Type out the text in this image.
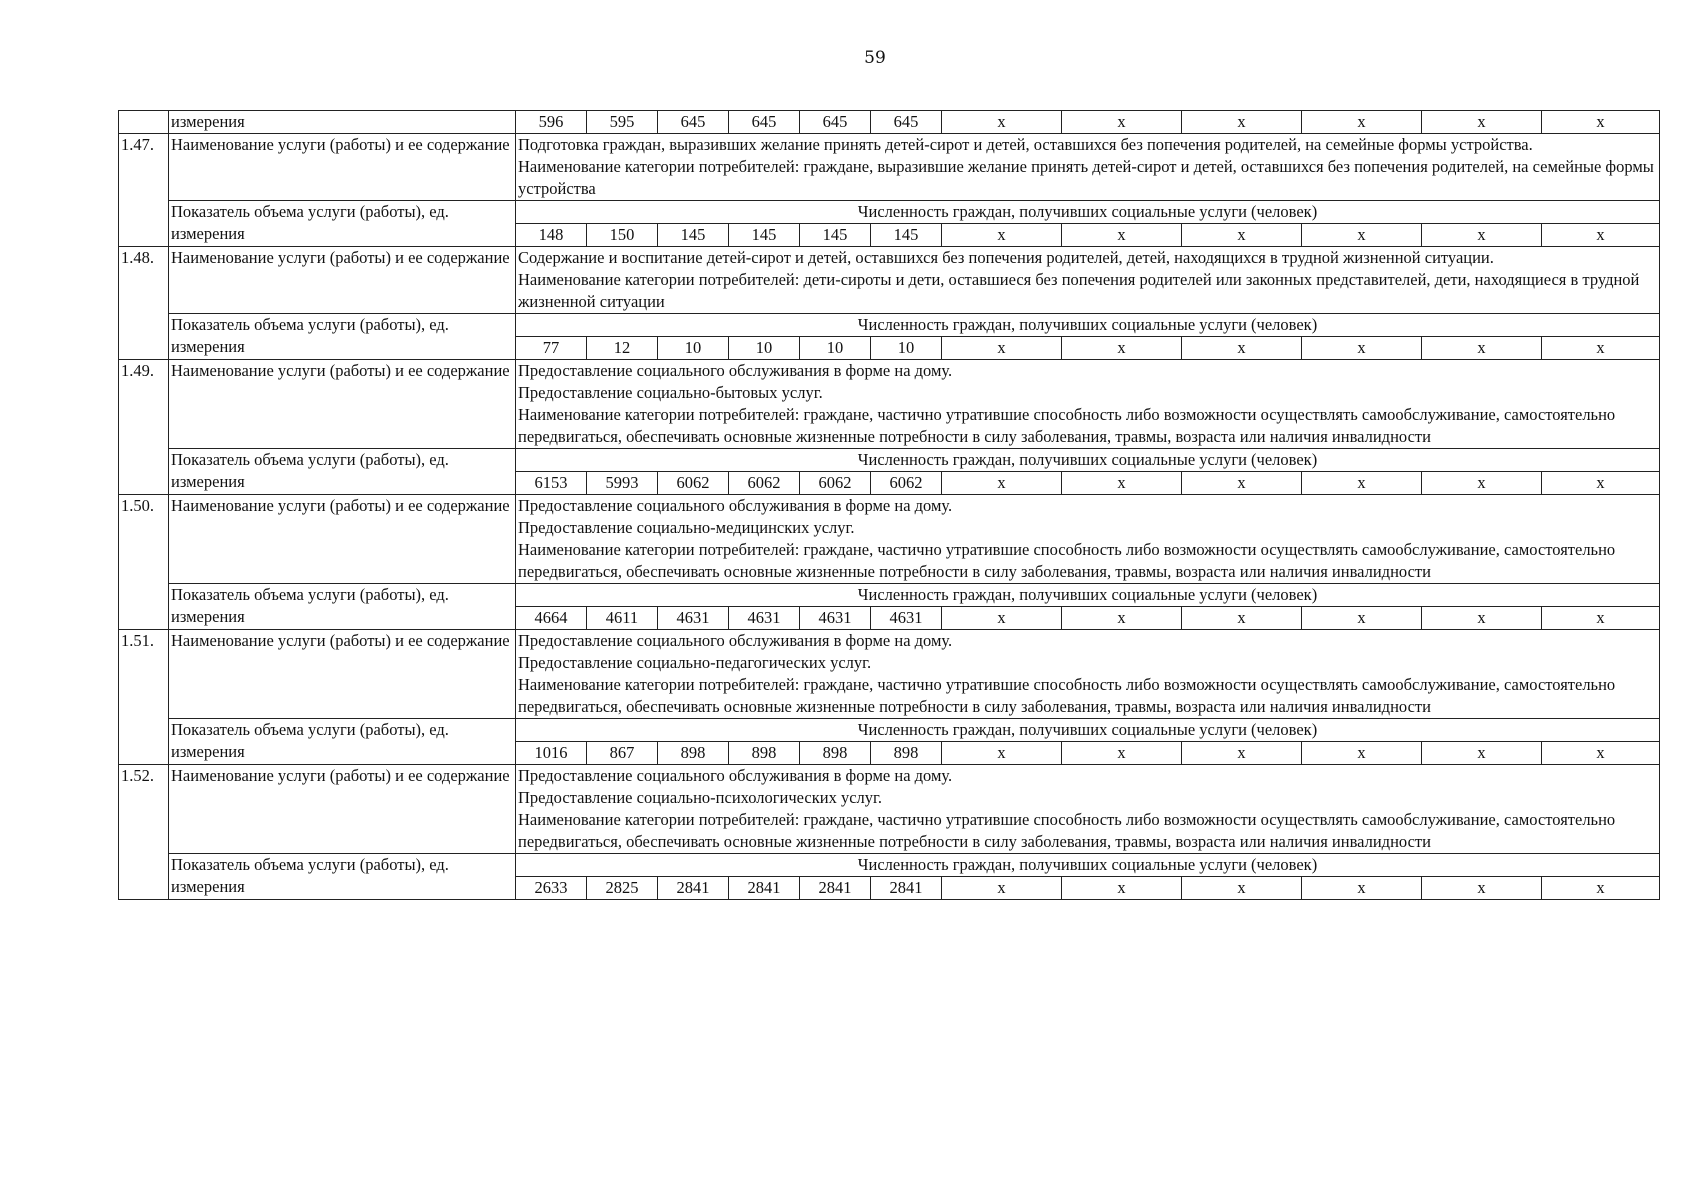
59
	измерения	596	595	645	645	645	645	х	х	х	х	х	х
1.47.	Наименование услуги (работы) и ее содержание	Подготовка граждан, выразивших желание принять детей-сирот и детей, оставшихся без попечения родителей, на семейные формы устройства.
Наименование категории потребителей: граждане, выразившие желание принять детей-сирот и детей, оставшихся без попечения родителей, на семейные формы устройства											

	Показатель объема услуги (работы), ед. измерения	Численность граждан, получивших социальные услуги (человек)											
		148	150	145	145	145	145	х	х	х	х	х	х
1.48.	Наименование услуги (работы) и ее содержание	Содержание и воспитание детей-сирот и детей, оставшихся без попечения родителей, детей, находящихся в трудной жизненной ситуации.
Наименование категории потребителей: дети-сироты и дети, оставшиеся без попечения родителей или законных представителей, дети, находящиеся в трудной жизненной ситуации											

	Показатель объема услуги (работы), ед. измерения	Численность граждан, получивших социальные услуги (человек)											
		77	12	10	10	10	10	х	х	х	х	х	х
1.49.	Наименование услуги (работы) и ее содержание	Предоставление социального обслуживания в форме на дому.
Предоставление социально-бытовых услуг.
Наименование категории потребителей: граждане, частично утратившие способность либо возможности осуществлять самообслуживание, самостоятельно передвигаться, обеспечивать основные жизненные потребности в силу заболевания, травмы, возраста или наличия инвалидности											

	Показатель объема услуги (работы), ед. измерения	Численность граждан, получивших социальные услуги (человек)											
		6153	5993	6062	6062	6062	6062	х	х	х	х	х	х
1.50.	Наименование услуги (работы) и ее содержание	Предоставление социального обслуживания в форме на дому.
Предоставление социально-медицинских услуг.
Наименование категории потребителей: граждане, частично утратившие способность либо возможности осуществлять самообслуживание, самостоятельно передвигаться, обеспечивать основные жизненные потребности в силу заболевания, травмы, возраста или наличия инвалидности											

	Показатель объема услуги (работы), ед. измерения	Численность граждан, получивших социальные услуги (человек)											
		4664	4611	4631	4631	4631	4631	х	х	х	х	х	х
1.51.	Наименование услуги (работы) и ее содержание	Предоставление социального обслуживания в форме на дому.
Предоставление социально-педагогических услуг.
Наименование категории потребителей: граждане, частично утратившие способность либо возможности осуществлять самообслуживание, самостоятельно передвигаться, обеспечивать основные жизненные потребности в силу заболевания, травмы, возраста или наличия инвалидности											

	Показатель объема услуги (работы), ед. измерения	Численность граждан, получивших социальные услуги (человек)											
		1016	867	898	898	898	898	х	х	х	х	х	х
1.52.	Наименование услуги (работы) и ее содержание	Предоставление социального обслуживания в форме на дому.
Предоставление социально-психологических услуг.
Наименование категории потребителей: граждане, частично утратившие способность либо возможности осуществлять самообслуживание, самостоятельно передвигаться, обеспечивать основные жизненные потребности в силу заболевания, травмы, возраста или наличия инвалидности											

	Показатель объема услуги (работы), ед. измерения	Численность граждан, получивших социальные услуги (человек)											
		2633	2825	2841	2841	2841	2841	х	х	х	х	х	х
